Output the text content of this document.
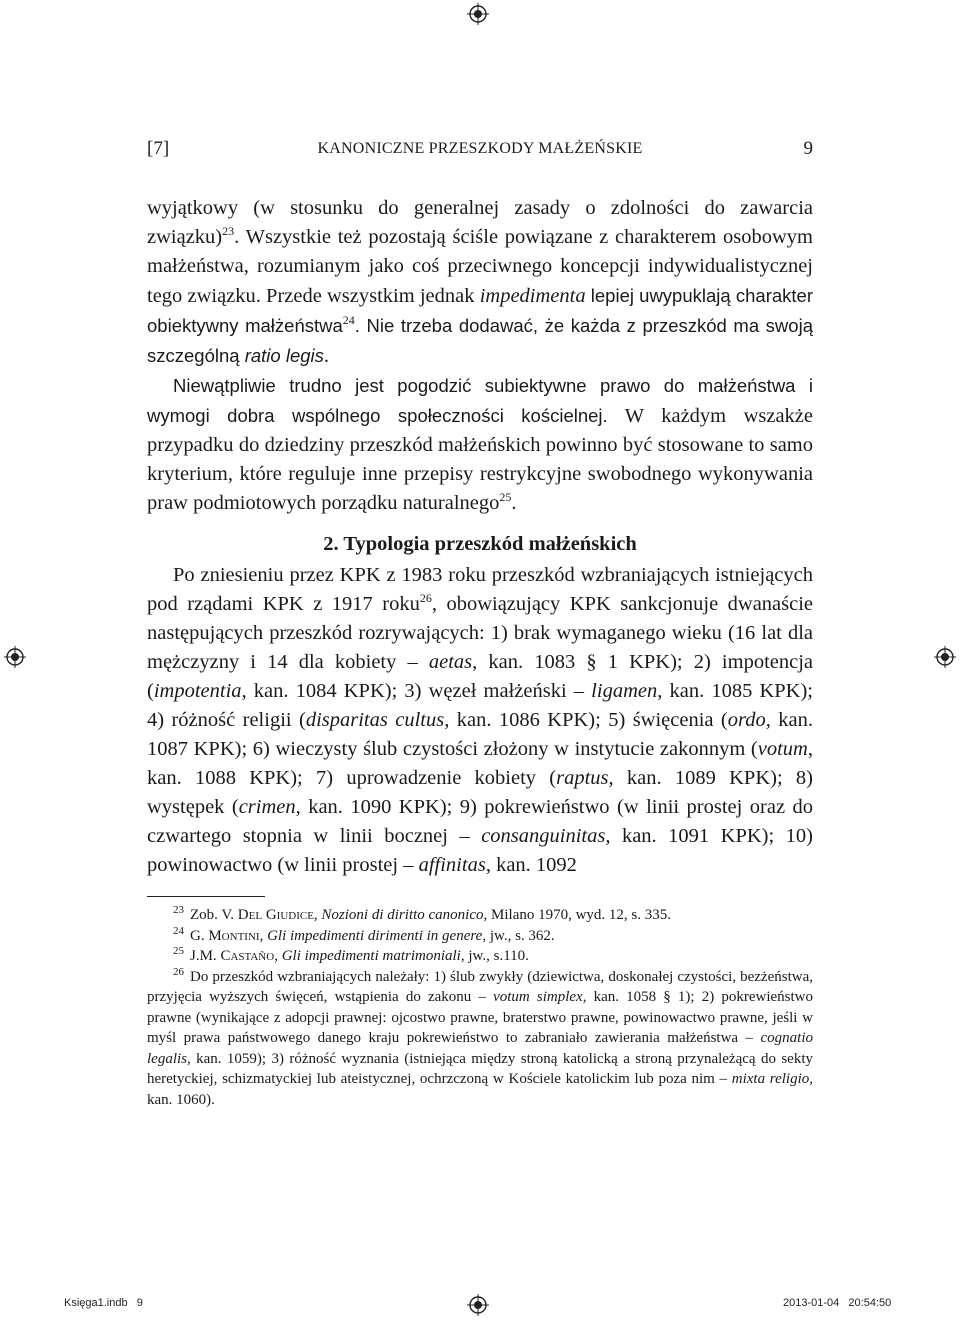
[7]	KANONICZNE PRZESZKODY MAŁŻEŃSKIE	9

wyjątkowy (w stosunku do generalnej zasady o zdolności do zawarcia związku)$^{23}$. Wszystkie też pozostają ściśle powiązane z charakterem osobowym małżeństwa, rozumianym jako coś przeciwnego koncepcji indywidualistycznej tego związku. Przede wszystkim jednak impedimenta lepiej uwypuklają charakter obiektywny małżeństwa$^{24}$. Nie trzeba dodawać, że każda z przeszkód ma swoją szczególną ratio legis.

Niewątpliwie trudno jest pogodzić subiektywne prawo do małżeństwa i wymogi dobra wspólnego społeczności kościelnej. W każdym wszakże przypadku do dziedziny przeszkód małżeńskich powinno być stosowane to samo kryterium, które reguluje inne przepisy restrykcyjne swobodnego wykonywania praw podmiotowych porządku naturalnego$^{25}$.

2. Typologia przeszkód małżeńskich

Po zniesieniu przez KPK z 1983 roku przeszkód wzbraniających istniejących pod rządami KPK z 1917 roku$^{26}$, obowiązujący KPK sankcjonuje dwanaście następujących przeszkód rozrywających: 1) brak wymaganego wieku (16 lat dla mężczyzny i 14 dla kobiety – aetas, kan. 1083 § 1 KPK); 2) impotencja (impotentia, kan. 1084 KPK); 3) węzeł małżeński – ligamen, kan. 1085 KPK); 4) różność religii (disparitas cultus, kan. 1086 KPK); 5) święcenia (ordo, kan. 1087 KPK); 6) wieczysty ślub czystości złożony w instytucie zakonnym (votum, kan. 1088 KPK); 7) uprowadzenie kobiety (raptus, kan. 1089 KPK); 8) występek (crimen, kan. 1090 KPK); 9) pokrewieństwo (w linii prostej oraz do czwartego stopnia w linii bocznej – consanguinitas, kan. 1091 KPK); 10) powinowactwo (w linii prostej – affinitas, kan. 1092

$^{23}$ Zob. V. Del Giudice, Nozioni di diritto canonico, Milano 1970, wyd. 12, s. 335.

$^{24}$ G. Montini, Gli impedimenti dirimenti in genere, jw., s. 362.

$^{25}$ J.M. Castaño, Gli impedimenti matrimoniali, jw., s.110.

$^{26}$ Do przeszkód wzbraniających należały: 1) ślub zwykły (dziewictwa, doskonałej czystości, bezżeństwa, przyjęcia wyższych święceń, wstąpienia do zakonu – votum simplex, kan. 1058 § 1); 2) pokrewieństwo prawne (wynikające z adopcji prawnej: ojcostwo prawne, braterstwo prawne, powinowactwo prawne, jeśli w myśl prawa państwowego danego kraju pokrewieństwo to zabraniało zawierania małżeństwa – cognatio legalis, kan. 1059); 3) różność wyznania (istniejąca między stroną katolicką a stroną przynależącą do sekty heretyckiej, schizmatyckiej lub ateistycznej, ochrzczoną w Kościele katolickim lub poza nim – mixta religio, kan. 1060).

Księga1.indb   9	2013-01-04   20:54:50
